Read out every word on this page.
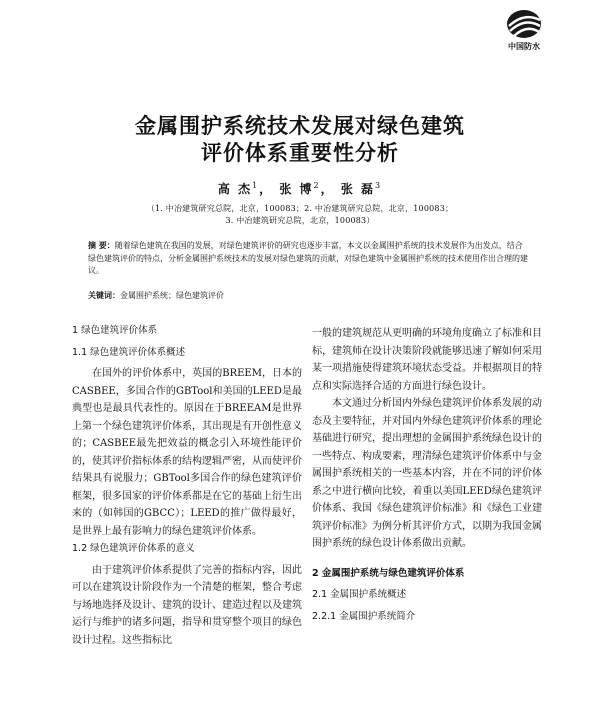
中国防水
金属围护系统技术发展对绿色建筑
评价体系重要性分析
高 杰$^1$， 张 博$^2$， 张 磊$^3$
（1. 中冶建筑研究总院，北京，100083；2. 中冶建筑研究总院，北京，100083；
3. 中冶建筑研究总院，北京，100083）
摘 要：随着绿色建筑在我国的发展，对绿色建筑评价的研究也逐步丰富，本文以金属围护系统的技术发展作为出发点，结合绿色建筑评价的特点，分析金属围护系统技术的发展对绿色建筑的贡献，对绿色建筑中金属围护系统的技术使用作出合理的建议。
关键词：金属围护系统；绿色建筑评价
1 绿色建筑评价体系
1.1 绿色建筑评价体系概述

在国外的评价体系中，英国的BREEM，日本的CASBEE，多国合作的GBTool和美国的LEED是最典型也是最具代表性的。原因在于BREEAM是世界上第一个绿色建筑评价体系，其出现是有开创性意义的；CASBEE最先把效益的概念引入环境性能评价的，使其评价指标体系的结构逻辑严密，从而使评价结果具有说服力；GBTool多国合作的绿色建筑评价框架，很多国家的评价体系都是在它的基础上衍生出来的（如韩国的GBCC）；LEED的推广做得最好，是世界上最有影响力的绿色建筑评价体系。

1.2 绿色建筑评价体系的意义

由于建筑评价体系提供了完善的指标内容，因此可以在建筑设计阶段作为一个清楚的框架，整合考虑与场地选择及设计、建筑的设计、建造过程以及建筑运行与维护的诸多问题，指导和贯穿整个项目的绿色设计过程。这些指标比

一般的建筑规范从更明确的环境角度确立了标准和目标，建筑师在设计决策阶段就能够迅速了解如何采用某一项措施使得建筑环境状态受益。并根据项目的特点和实际选择合适的方面进行绿色设计。

本文通过分析国内外绿色建筑评价体系发展的动态及主要特征，并对国内外绿色建筑评价体系的理论基础进行研究，提出理想的金属围护系统绿色设计的一些特点、构成要素，理清绿色建筑评价体系中与金属围护系统相关的一些基本内容，并在不同的评价体系之中进行横向比较，着重以美国LEED绿色建筑评价体系、我国《绿色建筑评价标准》和《绿色工业建筑评价标准》为例分析其评价方式，以期为我国金属围护系统的绿色设计体系做出贡献。

2 金属围护系统与绿色建筑评价体系
2.1 金属围护系统概述
2.2.1 金属围护系统简介
